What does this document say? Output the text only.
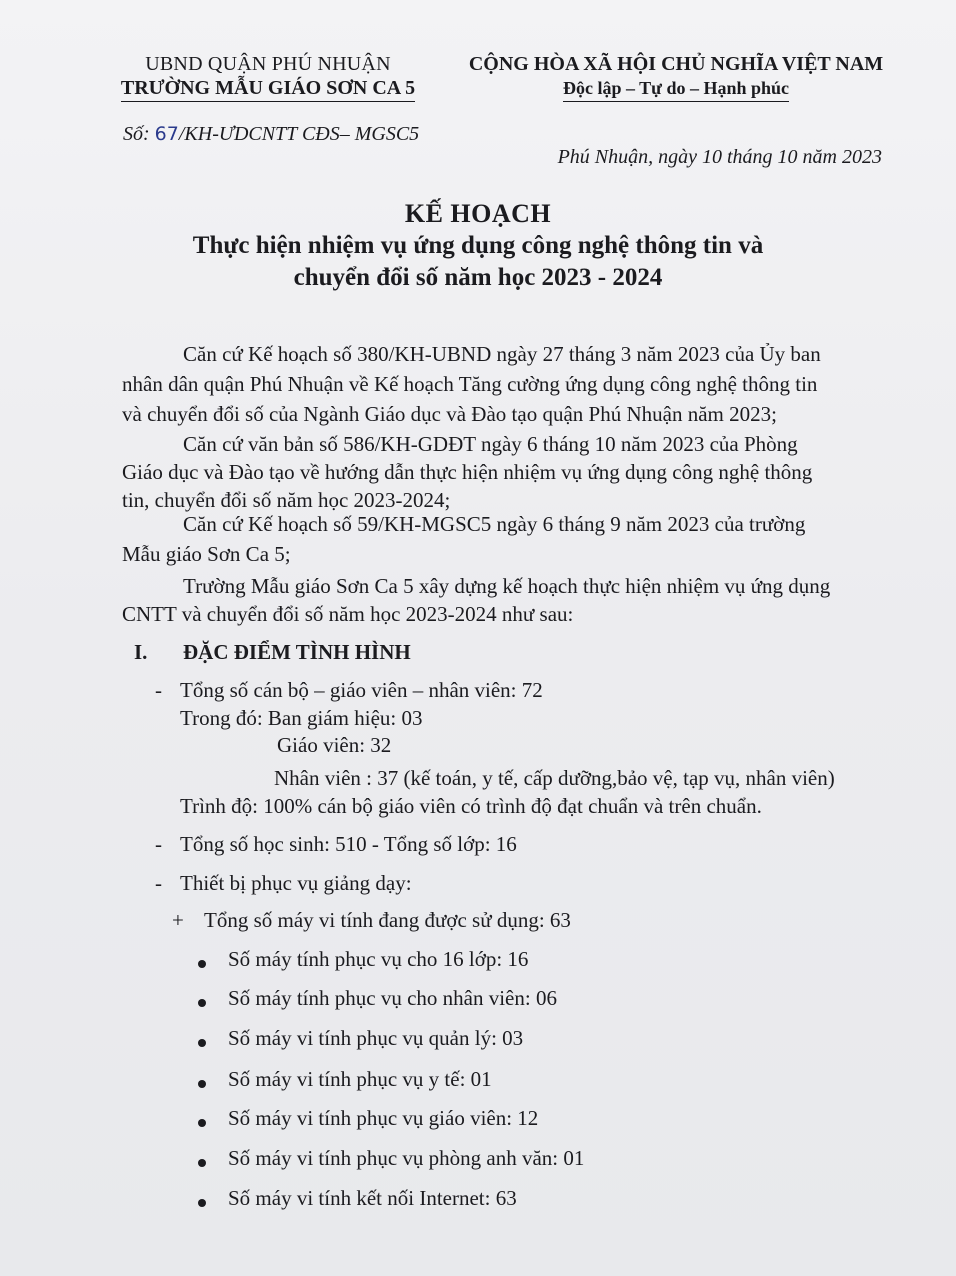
UBND QUẬN PHÚ NHUẬN
TRƯỜNG MẪU GIÁO SƠN CA 5
CỘNG HÒA XÃ HỘI CHỦ NGHĨA VIỆT NAM
Độc lập – Tự do – Hạnh phúc
Số: 67/KH-ƯDCNTT CĐS– MGSC5
Phú Nhuận, ngày 10 tháng 10 năm 2023
KẾ HOẠCH
Thực hiện nhiệm vụ ứng dụng công nghệ thông tin và
chuyển đổi số năm học 2023 - 2024
Căn cứ Kế hoạch số 380/KH-UBND ngày 27 tháng 3 năm 2023 của Ủy ban
nhân dân quận Phú Nhuận về Kế hoạch Tăng cường ứng dụng công nghệ thông tin
và chuyển đổi số của Ngành Giáo dục và Đào tạo quận Phú Nhuận năm 2023;
Căn cứ văn bản số 586/KH-GDĐT ngày 6 tháng 10 năm 2023 của Phòng
Giáo dục và Đào tạo về hướng dẫn thực hiện nhiệm vụ ứng dụng công nghệ thông
tin, chuyển đổi số năm học 2023-2024;
Căn cứ Kế hoạch số 59/KH-MGSC5 ngày 6 tháng 9 năm 2023 của trường
Mẫu giáo Sơn Ca 5;
Trường Mẫu giáo Sơn Ca 5 xây dựng kế hoạch thực hiện nhiệm vụ ứng dụng
CNTT và chuyển đổi số năm học 2023-2024 như sau:
I. ĐẶC ĐIỂM TÌNH HÌNH
- Tổng số cán bộ – giáo viên – nhân viên: 72
Trong đó: Ban giám hiệu: 03
Giáo viên: 32
Nhân viên : 37 (kế toán, y tế, cấp dưỡng,bảo vệ, tạp vụ, nhân viên)
Trình độ: 100% cán bộ giáo viên có trình độ đạt chuẩn và trên chuẩn.
- Tổng số học sinh: 510 - Tổng số lớp: 16
- Thiết bị phục vụ giảng dạy:
+ Tổng số máy vi tính đang được sử dụng: 63
Số máy tính phục vụ cho 16 lớp: 16
Số máy tính phục vụ cho nhân viên: 06
Số máy vi tính phục vụ quản lý: 03
Số máy vi tính phục vụ y tế: 01
Số máy vi tính phục vụ giáo viên: 12
Số máy vi tính phục vụ phòng anh văn: 01
Số máy vi tính kết nối Internet: 63
